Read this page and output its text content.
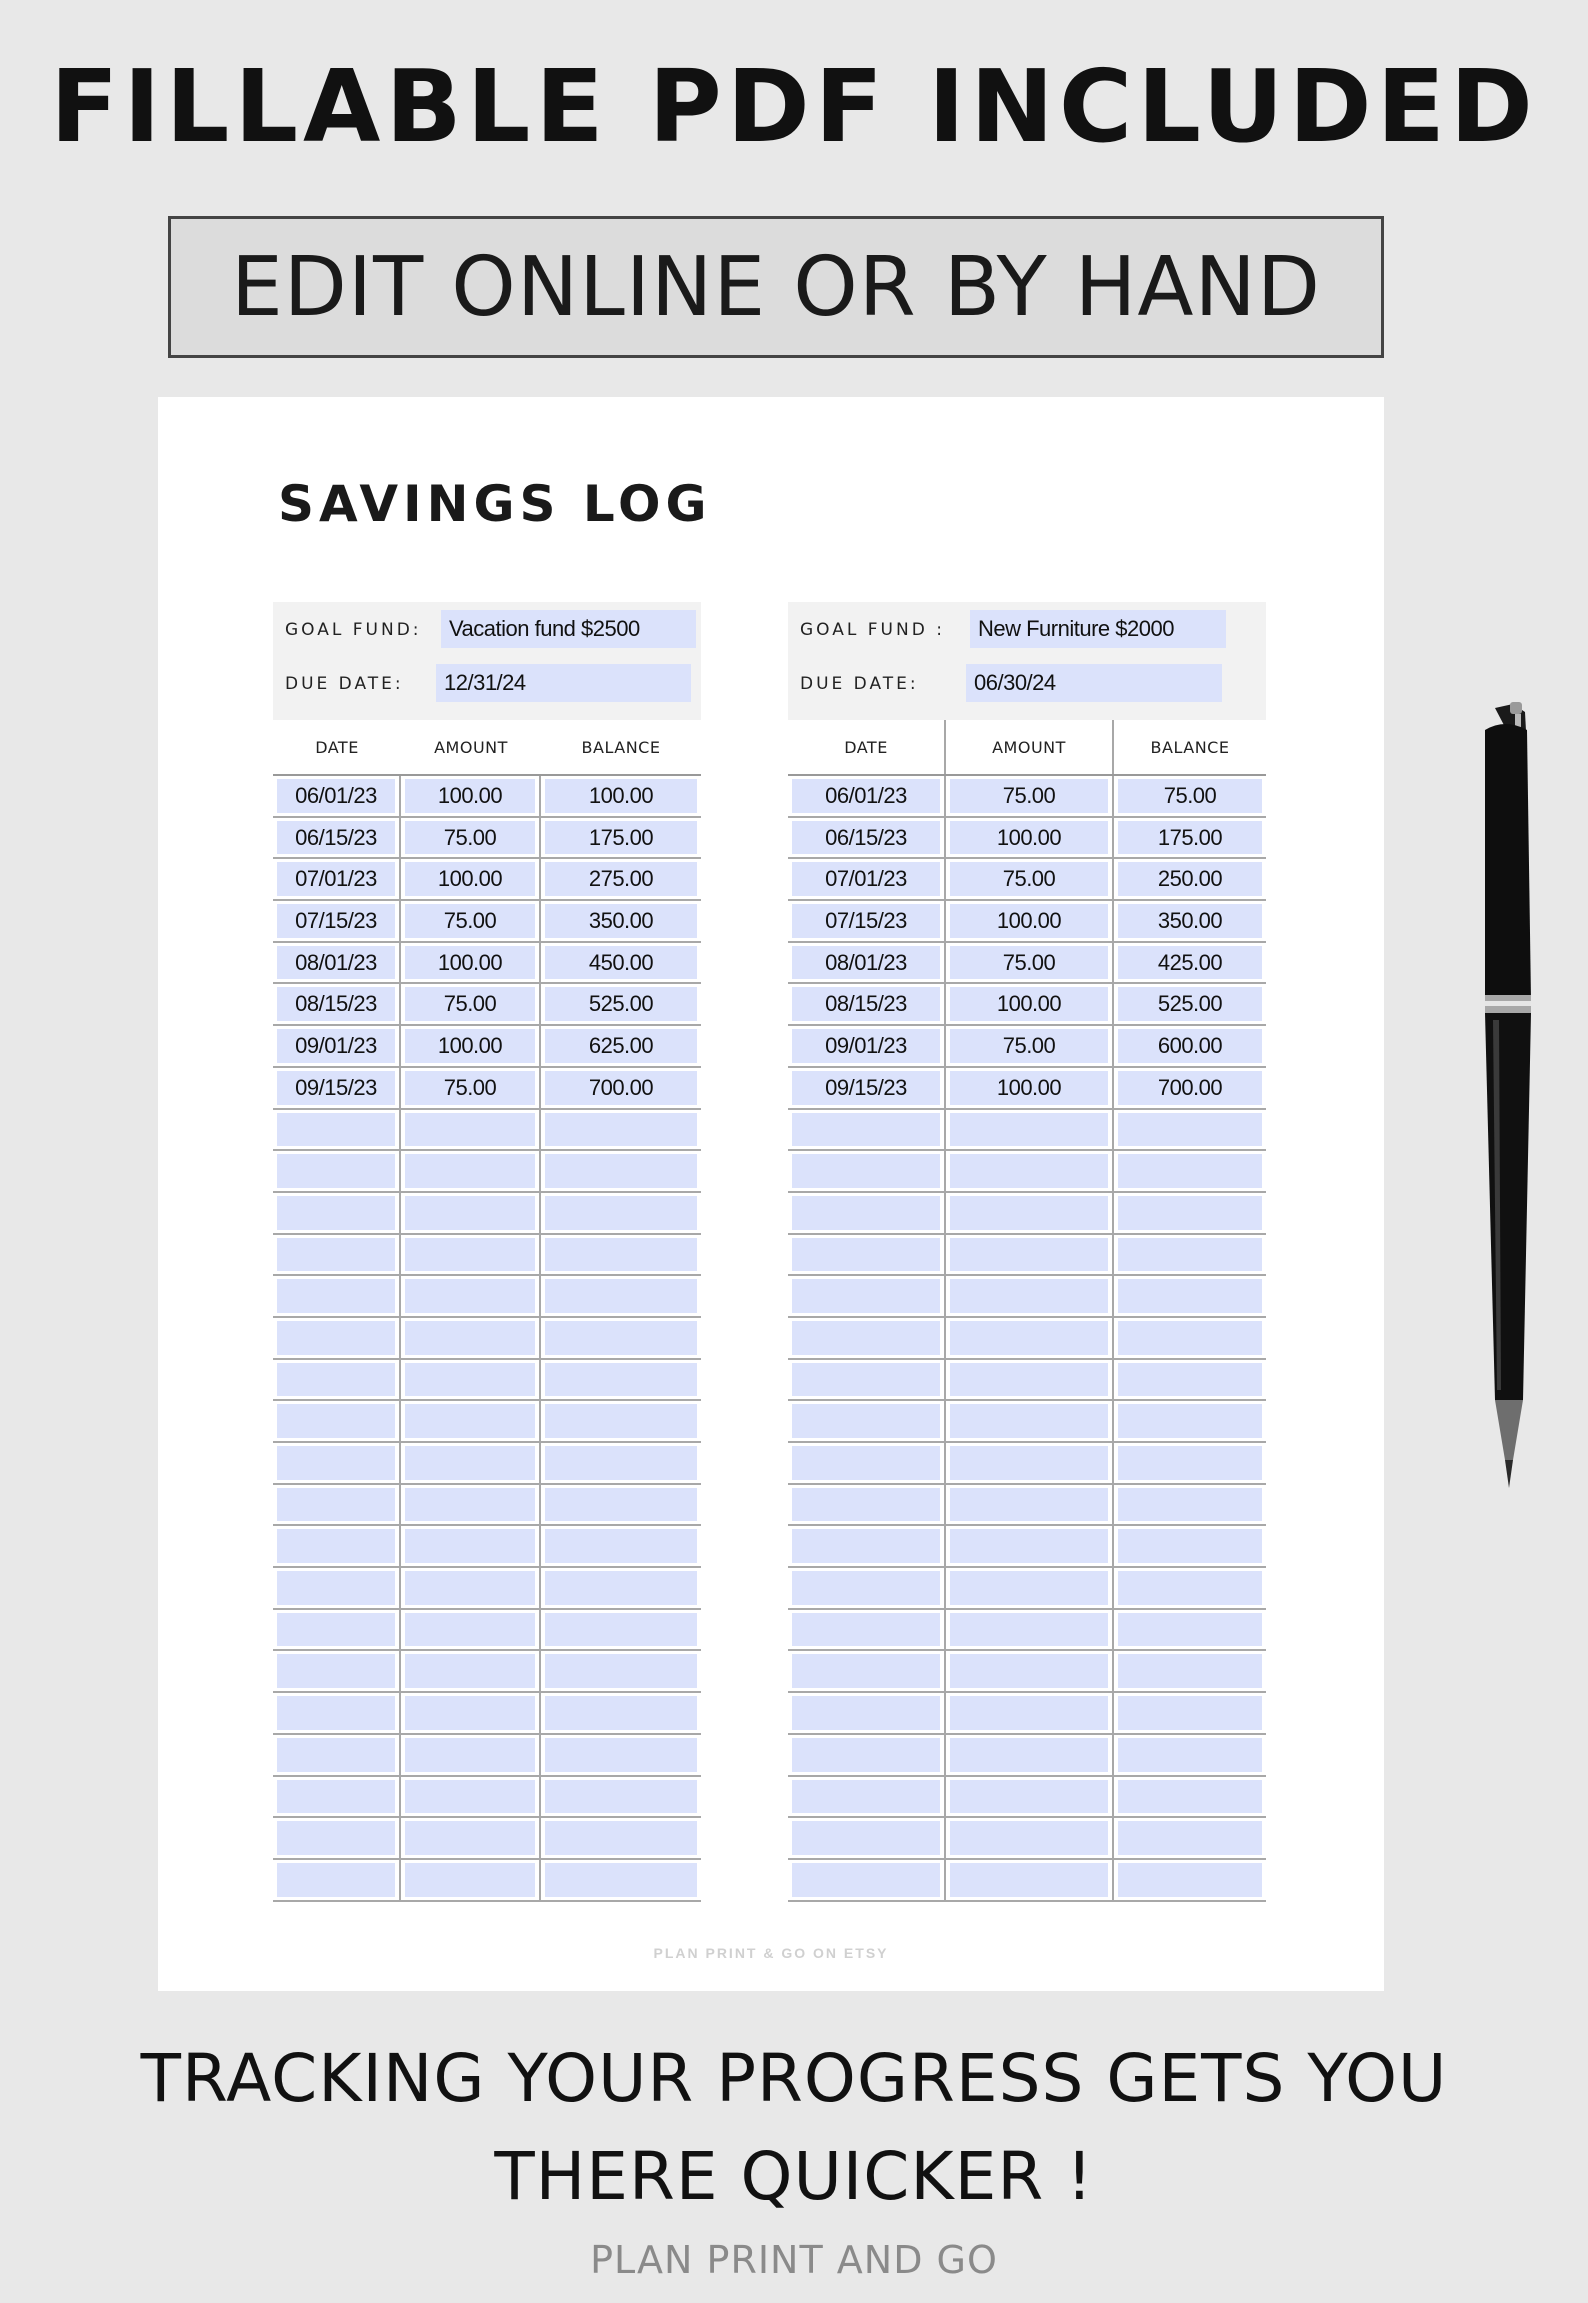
FILLABLE PDF INCLUDED
EDIT ONLINE OR BY HAND
SAVINGS LOG
GOAL FUND:	Vacation fund $2500
DUE DATE:	12/31/24
DATE	AMOUNT	BALANCE
06/01/23	100.00	100.00
06/15/23	75.00	175.00
07/01/23	100.00	275.00
07/15/23	75.00	350.00
08/01/23	100.00	450.00
08/15/23	75.00	525.00
09/01/23	100.00	625.00
09/15/23	75.00	700.00
GOAL FUND :	New Furniture $2000
DUE DATE:	06/30/24
DATE	AMOUNT	BALANCE
06/01/23	75.00	75.00
06/15/23	100.00	175.00
07/01/23	75.00	250.00
07/15/23	100.00	350.00
08/01/23	75.00	425.00
08/15/23	100.00	525.00
09/01/23	75.00	600.00
09/15/23	100.00	700.00
PLAN PRINT & GO ON ETSY
TRACKING YOUR PROGRESS GETS YOU
THERE QUICKER !
PLAN PRINT AND GO
